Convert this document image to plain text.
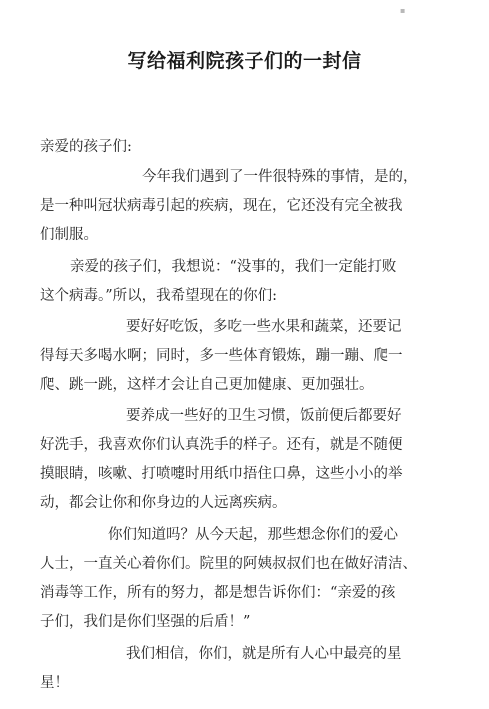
▪
写给福利院孩子们的一封信
亲爱的孩子们:
今年我们遇到了一件很特殊的事情，是的，
是一种叫冠状病毒引起的疾病，现在，它还没有完全被我
们制服。
亲爱的孩子们，我想说：“没事的，我们一定能打败
这个病毒。”所以，我希望现在的你们:
要好好吃饭，多吃一些水果和蔬菜，还要记
得每天多喝水啊；同时，多一些体育锻炼，蹦一蹦、爬一
爬、跳一跳，这样才会让自己更加健康、更加强壮。
要养成一些好的卫生习惯，饭前便后都要好
好洗手，我喜欢你们认真洗手的样子。还有，就是不随便
摸眼睛，咳嗽、打喷嚏时用纸巾捂住口鼻，这些小小的举
动，都会让你和你身边的人远离疾病。
你们知道吗？从今天起，那些想念你们的爱心
人士，一直关心着你们。院里的阿姨叔叔们也在做好清洁、
消毒等工作，所有的努力，都是想告诉你们：“亲爱的孩
子们，我们是你们坚强的后盾！”
我们相信，你们，就是所有人心中最亮的星
星！
